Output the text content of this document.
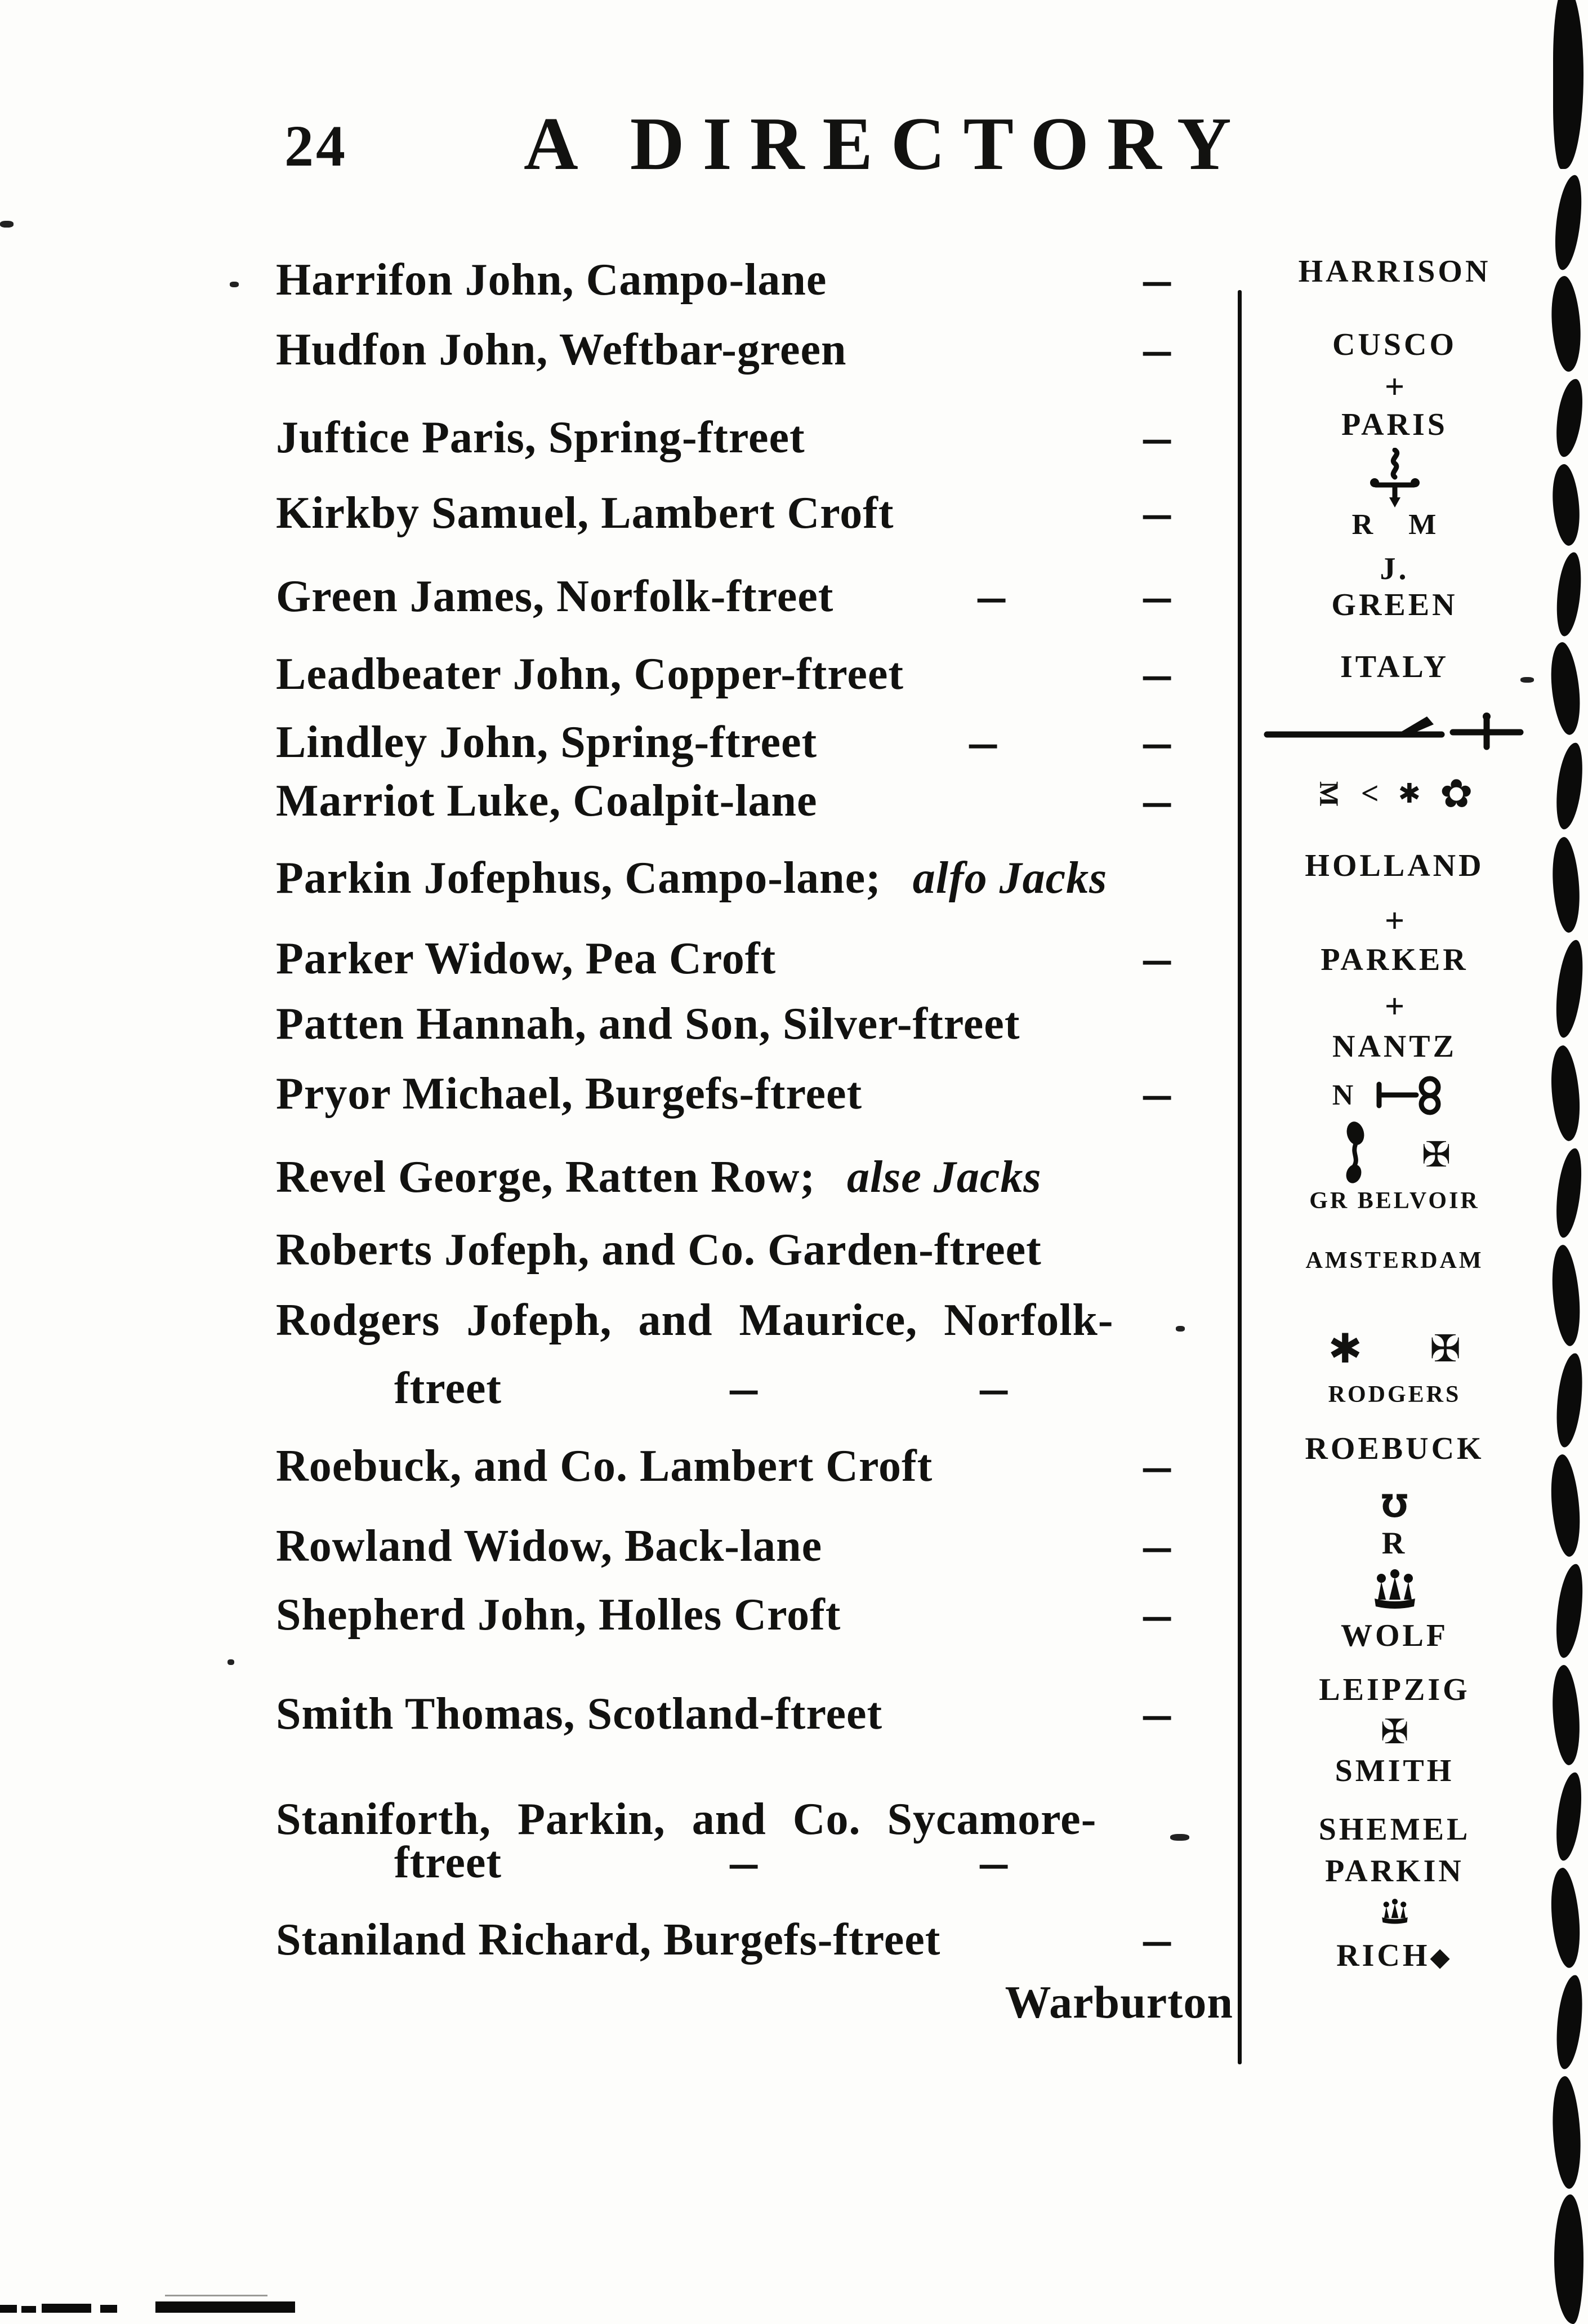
24 A DIRECTORY
Harrifon John, Campo-lane	-
Hudfon John, Weftbar-green	-
Juftice Paris, Spring-ftreet	-
Kirkby Samuel, Lambert Croft	-
Green James, Norfolk-ftreet	-	-
Leadbeater John, Copper-ftreet	-
Lindley John, Spring-ftreet	-	-
Marriot Luke, Coalpit-lane	-
Parkin Jofephus, Campo-lane; alfo Jacks
Parker Widow, Pea Croft	-
Patten Hannah, and Son, Silver-ftreet
Pryor Michael, Burgefs-ftreet	-
Revel George, Ratten Row; alse Jacks
Roberts Jofeph, and Co. Garden-ftreet
Rodgers Jofeph, and Maurice, Norfolk-
ftreet	-	-
Roebuck, and Co. Lambert Croft	-
Rowland Widow, Back-lane	-
Shepherd John, Holles Croft	-
Smith Thomas, Scotland-ftreet	-
Staniforth, Parkin, and Co. Sycamore-
ftreet	-	-
Staniland Richard, Burgefs-ftreet	-
Warburton
HARRISON
CUSCO
+
PARIS
R M
J.
GREEN
ITALY
M < ✱ ✿
HOLLAND
+
PARKER
+
NANTZ
N
✠
GR BELVOIR
AMSTERDAM
✱ ✠
RODGERS
ROEBUCK
Ʊ
R
WOLF
LEIPZIG
✠
SMITH
SHEMEL
PARKIN
RICH◆
